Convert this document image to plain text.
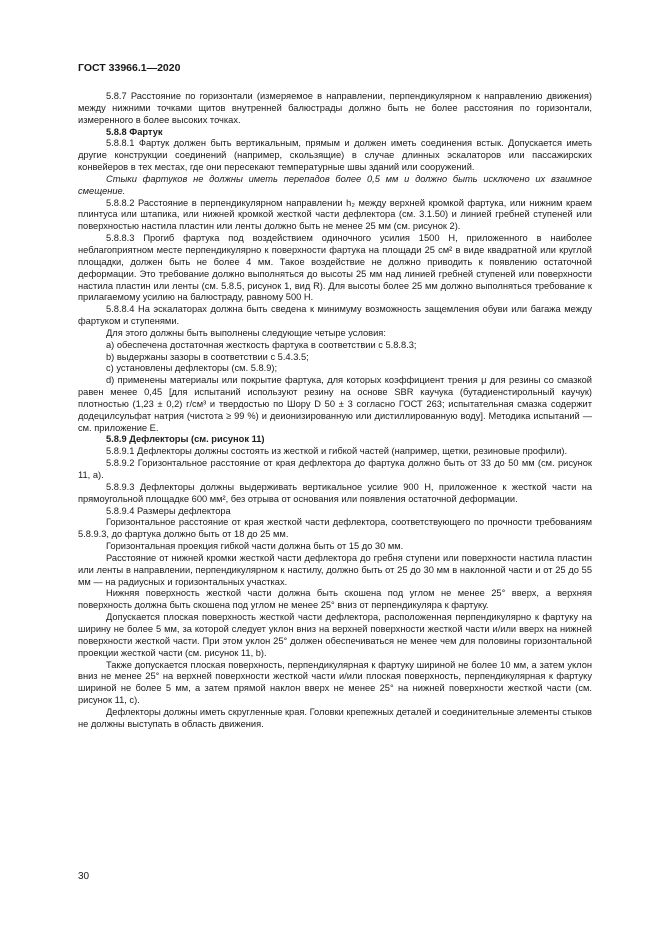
ГОСТ 33966.1—2020

5.8.7 Расстояние по горизонтали (измеряемое в направлении, перпендикулярном к направлению движения) между нижними точками щитов внутренней балюстрады должно быть не более расстояния по горизонтали, измеренного в более высоких точках.

5.8.8 Фартук

5.8.8.1 Фартук должен быть вертикальным, прямым и должен иметь соединения встык. Допускается иметь другие конструкции соединений (например, скользящие) в случае длинных эскалаторов или пассажирских конвейеров в тех местах, где они пересекают температурные швы зданий или сооружений.

Стыки фартуков не должны иметь перепадов более 0,5 мм и должно быть исключено их взаимное смещение.

5.8.8.2 Расстояние в перпендикулярном направлении h₂ между верхней кромкой фартука, или нижним краем плинтуса или штапика, или нижней кромкой жесткой части дефлектора (см. 3.1.50) и линией гребней ступеней или поверхностью настила пластин или ленты должно быть не менее 25 мм (см. рисунок 2).

5.8.8.3 Прогиб фартука под воздействием одиночного усилия 1500 Н, приложенного в наиболее неблагоприятном месте перпендикулярно к поверхности фартука на площади 25 см² в виде квадратной или круглой площадки, должен быть не более 4 мм. Такое воздействие не должно приводить к появлению остаточной деформации. Это требование должно выполняться до высоты 25 мм над линией гребней ступеней или поверхности настила пластин или ленты (см. 5.8.5, рисунок 1, вид R). Для высоты более 25 мм должно выполняться требование к прилагаемому усилию на балюстраду, равному 500 Н.

5.8.8.4 На эскалаторах должна быть сведена к минимуму возможность защемления обуви или багажа между фартуком и ступенями.

Для этого должны быть выполнены следующие четыре условия:

а) обеспечена достаточная жесткость фартука в соответствии с 5.8.8.3;

b) выдержаны зазоры в соответствии с 5.4.3.5;

c) установлены дефлекторы (см. 5.8.9);

d) применены материалы или покрытие фартука, для которых коэффициент трения μ для резины со смазкой равен менее 0,45 [для испытаний используют резину на основе SBR каучука (бутадиенстирольный каучук) плотностью (1,23 ± 0,2) г/см³ и твердостью по Шору D 50 ± 3 согласно ГОСТ 263; испытательная смазка содержит додецилсульфат натрия (чистота ≥ 99 %) и деионизированную или дистиллированную воду]. Методика испытаний — см. приложение Е.

5.8.9 Дефлекторы (см. рисунок 11)

5.8.9.1 Дефлекторы должны состоять из жесткой и гибкой частей (например, щетки, резиновые профили).

5.8.9.2 Горизонтальное расстояние от края дефлектора до фартука должно быть от 33 до 50 мм (см. рисунок 11, а).

5.8.9.3 Дефлекторы должны выдерживать вертикальное усилие 900 Н, приложенное к жесткой части на прямоугольной площадке 600 мм², без отрыва от основания или появления остаточной деформации.

5.8.9.4 Размеры дефлектора

Горизонтальное расстояние от края жесткой части дефлектора, соответствующего по прочности требованиям 5.8.9.3, до фартука должно быть от 18 до 25 мм.

Горизонтальная проекция гибкой части должна быть от 15 до 30 мм.

Расстояние от нижней кромки жесткой части дефлектора до гребня ступени или поверхности настила пластин или ленты в направлении, перпендикулярном к настилу, должно быть от 25 до 30 мм в наклонной части и от 25 до 55 мм — на радиусных и горизонтальных участках.

Нижняя поверхность жесткой части должна быть скошена под углом не менее 25° вверх, а верхняя поверхность должна быть скошена под углом не менее 25° вниз от перпендикуляра к фартуку.

Допускается плоская поверхность жесткой части дефлектора, расположенная перпендикулярно к фартуку на ширину не более 5 мм, за которой следует уклон вниз на верхней поверхности жесткой части и/или вверх на нижней поверхности жесткой части. При этом уклон 25° должен обеспечиваться не менее чем для половины горизонтальной проекции жесткой части (см. рисунок 11, b).

Также допускается плоская поверхность, перпендикулярная к фартуку шириной не более 10 мм, а затем уклон вниз не менее 25° на верхней поверхности жесткой части и/или плоская поверхность, перпендикулярная к фартуку шириной не более 5 мм, а затем прямой наклон вверх не менее 25° на нижней поверхности жесткой части (см. рисунок 11, с).

Дефлекторы должны иметь скругленные края. Головки крепежных деталей и соединительные элементы стыков не должны выступать в область движения.

30
